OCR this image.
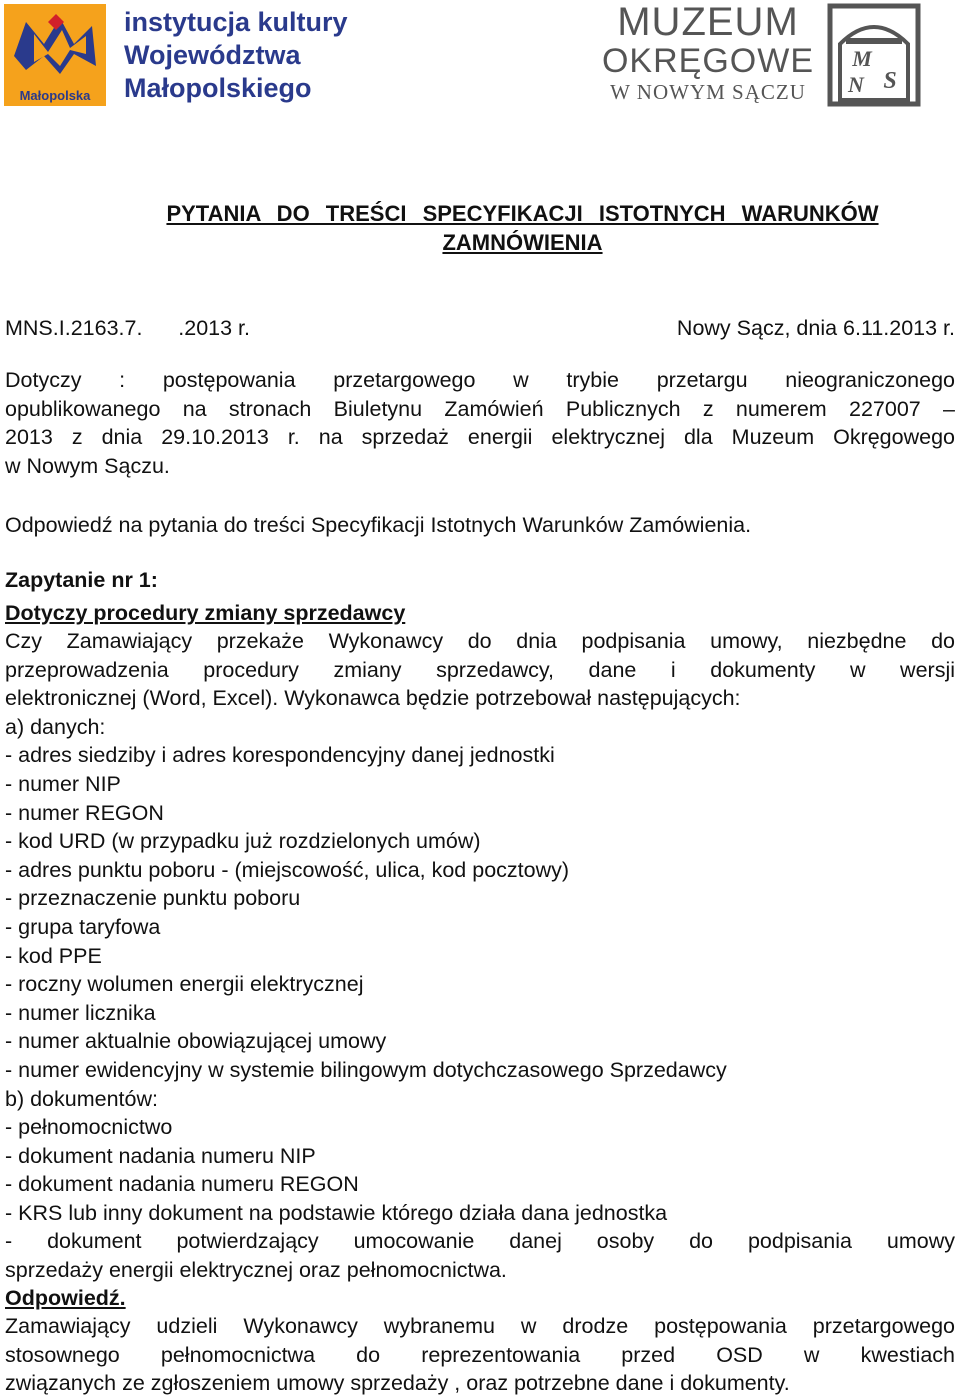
Małopolska
instytucja kultury
Województwa
Małopolskiego
MUZEUM
OKRĘGOWE
W NOWYM SĄCZU
M
N S
PYTANIA DO TREŚCI SPECYFIKACJI ISTOTNYCH WARUNKÓW
ZAMNÓWIENIA
MNS.I.2163.7.      .2013 r.	Nowy Sącz, dnia 6.11.2013 r.
Dotyczy : postępowania przetargowego w trybie przetargu nieograniczonego
opublikowanego na stronach Biuletynu Zamówień Publicznych z numerem 227007 –
2013 z dnia 29.10.2013 r. na sprzedaż energii elektrycznej dla Muzeum Okręgowego
w Nowym Sączu.
Odpowiedź na pytania do treści Specyfikacji Istotnych Warunków Zamówienia.
Zapytanie nr 1:
Dotyczy procedury zmiany sprzedawcy
Czy Zamawiający przekaże Wykonawcy do dnia podpisania umowy, niezbędne do
przeprowadzenia procedury zmiany sprzedawcy, dane i dokumenty w wersji
elektronicznej (Word, Excel). Wykonawca będzie potrzebował następujących:
a) danych:
- adres siedziby i adres korespondencyjny danej jednostki
- numer NIP
- numer REGON
- kod URD (w przypadku już rozdzielonych umów)
- adres punktu poboru - (miejscowość, ulica, kod pocztowy)
- przeznaczenie punktu poboru
- grupa taryfowa
- kod PPE
- roczny wolumen energii elektrycznej
- numer licznika
- numer aktualnie obowiązującej umowy
- numer ewidencyjny w systemie bilingowym dotychczasowego Sprzedawcy
b) dokumentów:
- pełnomocnictwo
- dokument nadania numeru NIP
- dokument nadania numeru REGON
- KRS lub inny dokument na podstawie którego działa dana jednostka
- dokument potwierdzający umocowanie danej osoby do podpisania umowy
sprzedaży energii elektrycznej oraz pełnomocnictwa.
Odpowiedź.
Zamawiający udzieli Wykonawcy wybranemu w drodze postępowania przetargowego
stosownego pełnomocnictwa do reprezentowania przed OSD w kwestiach
związanych ze zgłoszeniem umowy sprzedaży , oraz potrzebne dane i dokumenty.
